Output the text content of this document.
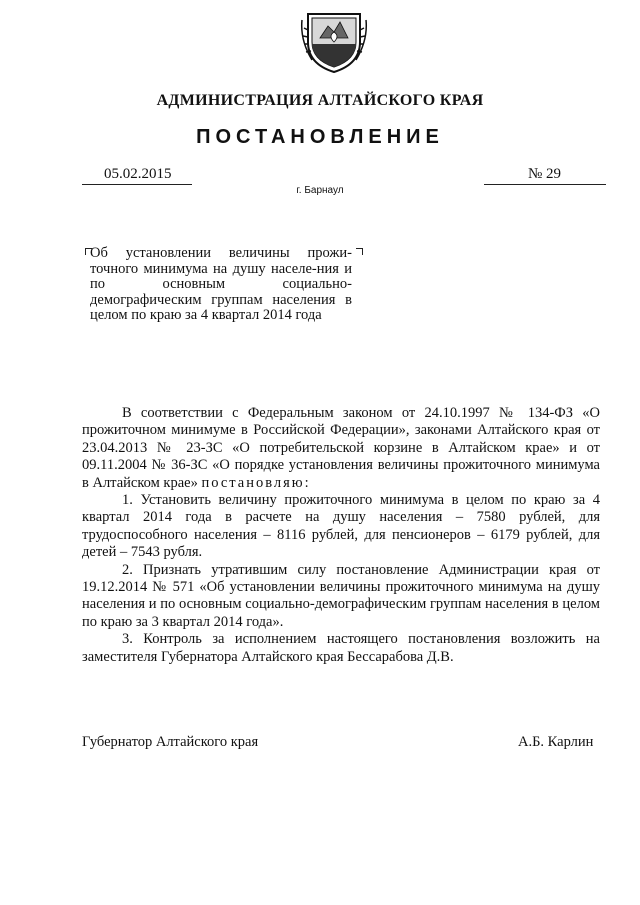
АДМИНИСТРАЦИЯ АЛТАЙСКОГО КРАЯ
ПОСТАНОВЛЕНИЕ
05.02.2015	№ 29
г. Барнаул
Об установлении величины прожи-точного минимума на душу населе-ния и по основным социально-демографическим группам населения в целом по краю за 4 квартал 2014 года

В соответствии с Федеральным законом от 24.10.1997 № 134-ФЗ «О прожиточном минимуме в Российской Федерации», законами Алтайского края от 23.04.2013 № 23-ЗС «О потребительской корзине в Алтайском крае» и от 09.11.2004 № 36-ЗС «О порядке установления величины прожиточного минимума в Алтайском крае» постановляю:

1. Установить величину прожиточного минимума в целом по краю за 4 квартал 2014 года в расчете на душу населения – 7580 рублей, для трудоспособного населения – 8116 рублей, для пенсионеров – 6179 рублей, для детей – 7543 рубля.

2. Признать утратившим силу постановление Администрации края от 19.12.2014 № 571 «Об установлении величины прожиточного минимума на душу населения и по основным социально-демографическим группам населения в целом по краю за 3 квартал 2014 года».

3. Контроль за исполнением настоящего постановления возложить на заместителя Губернатора Алтайского края Бессарабова Д.В.

Губернатор Алтайского края	А.Б. Карлин
